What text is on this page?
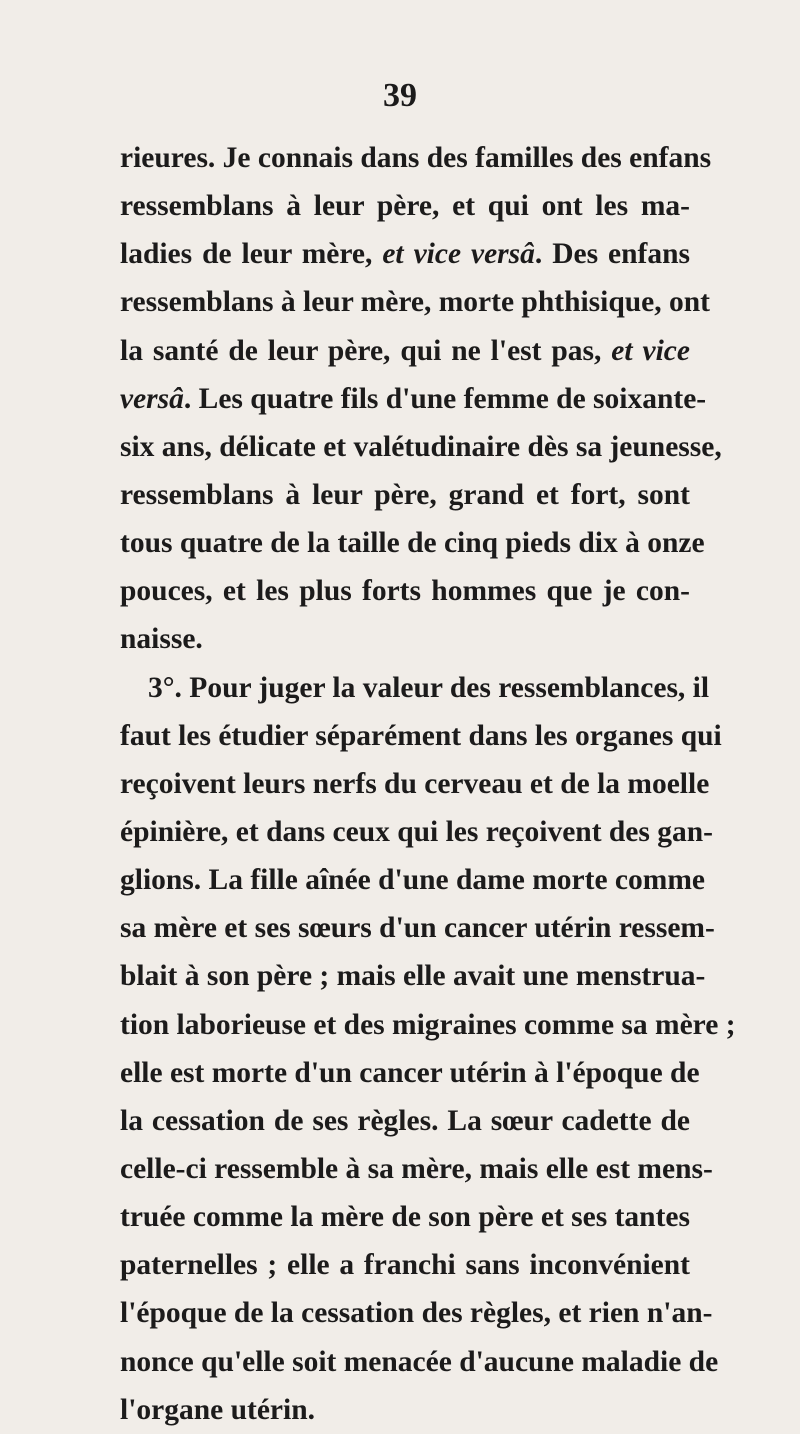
39
rieures. Je connais dans des familles des enfans
ressemblans à leur père, et qui ont les ma-
ladies de leur mère, et vice versâ. Des enfans
ressemblans à leur mère, morte phthisique, ont
la santé de leur père, qui ne l'est pas, et vice
versâ. Les quatre fils d'une femme de soixante-
six ans, délicate et valétudinaire dès sa jeunesse,
ressemblans à leur père, grand et fort, sont
tous quatre de la taille de cinq pieds dix à onze
pouces, et les plus forts hommes que je con-
naisse.
3°. Pour juger la valeur des ressemblances, il
faut les étudier séparément dans les organes qui
reçoivent leurs nerfs du cerveau et de la moelle
épinière, et dans ceux qui les reçoivent des gan-
glions. La fille aînée d'une dame morte comme
sa mère et ses sœurs d'un cancer utérin ressem-
blait à son père ; mais elle avait une menstrua-
tion laborieuse et des migraines comme sa mère ;
elle est morte d'un cancer utérin à l'époque de
la cessation de ses règles. La sœur cadette de
celle-ci ressemble à sa mère, mais elle est mens-
truée comme la mère de son père et ses tantes
paternelles ; elle a franchi sans inconvénient
l'époque de la cessation des règles, et rien n'an-
nonce qu'elle soit menacée d'aucune maladie de
l'organe utérin.
